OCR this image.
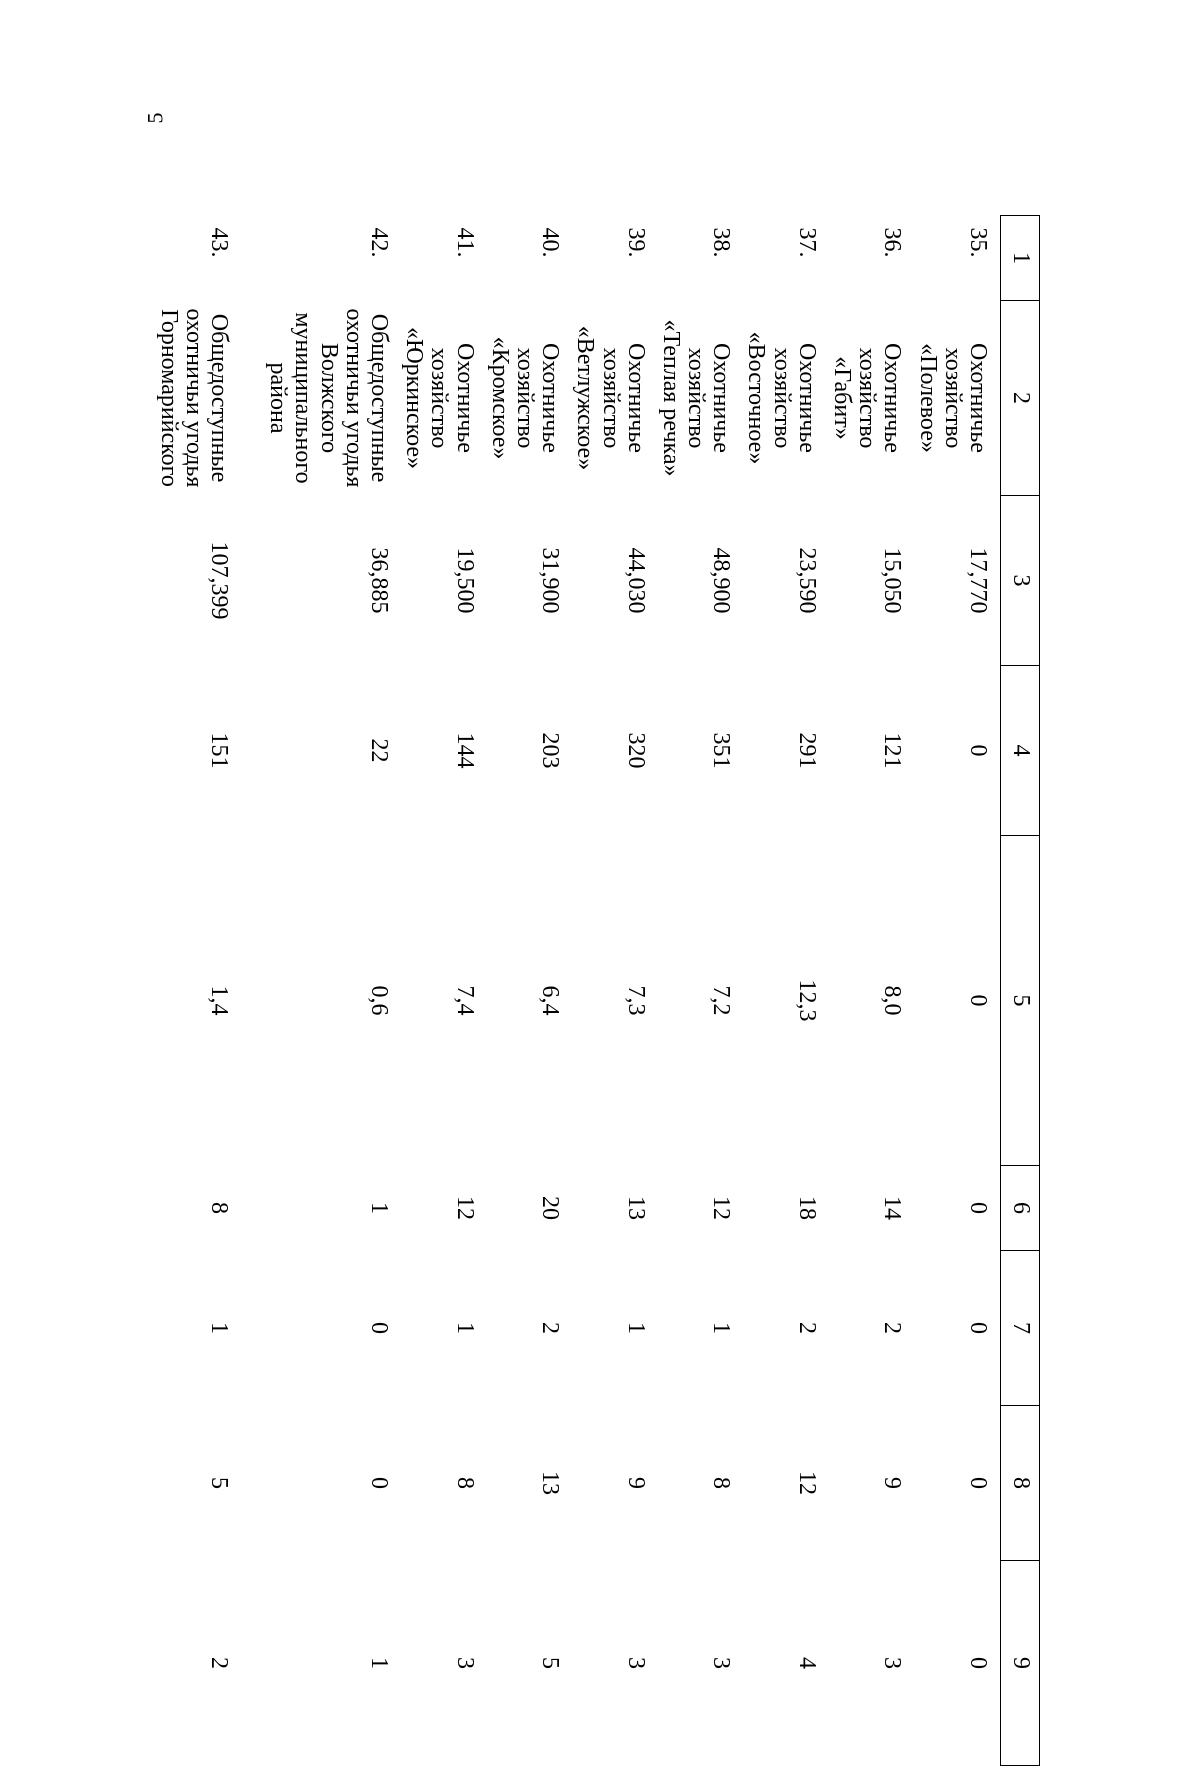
5
1	2	3	4	5	6	7	8	9
35.	Охотничье хозяйство «Полевое»	17,770	0	0	0	0	0	0
36.	Охотничье хозяйство «Габит»	15,050	121	8,0	14	2	9	3
37.	Охотничье хозяйство «Восточное»	23,590	291	12,3	18	2	12	4
38.	Охотничье хозяйство «Теплая речка»	48,900	351	7,2	12	1	8	3
39.	Охотничье хозяйство «Ветлужское»	44,030	320	7,3	13	1	9	3
40.	Охотничье хозяйство «Кромское»	31,900	203	6,4	20	2	13	5
41.	Охотничье хозяйство «Юркинское»	19,500	144	7,4	12	1	8	3
42.	Общедоступные охотничьи угодья Волжского муниципального района	36,885	22	0,6	1	0	0	1
43.	Общедоступные охотничьи угодья Горномарийского	107,399	151	1,4	8	1	5	2
